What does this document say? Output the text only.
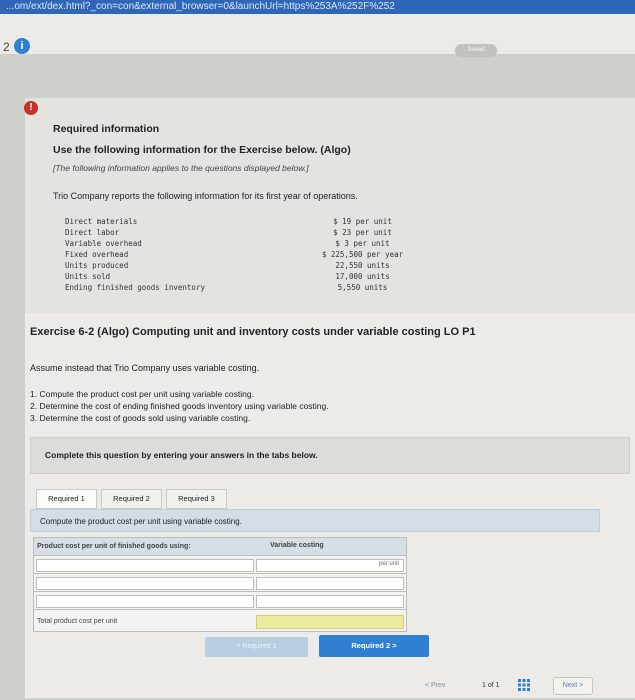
...om/ext/dex.html?_con=con&external_browser=0&launchUrl=https%253A%252F%252
2 i	Saved
!
Required information
Use the following information for the Exercise below. (Algo)
[The following information applies to the questions displayed below.]
Trio Company reports the following information for its first year of operations.
Direct materials	$ 19 per unit
Direct labor	$ 23 per unit
Variable overhead	$ 3 per unit
Fixed overhead	$ 225,500 per year
Units produced	22,550 units
Units sold	17,000 units
Ending finished goods inventory	5,550 units
Exercise 6-2 (Algo) Computing unit and inventory costs under variable costing LO P1
Assume instead that Trio Company uses variable costing.
1. Compute the product cost per unit using variable costing.
2. Determine the cost of ending finished goods inventory using variable costing.
3. Determine the cost of goods sold using variable costing.
Complete this question by entering your answers in the tabs below.
Required 1	Required 2	Required 3
Compute the product cost per unit using variable costing.
Product cost per unit of finished goods using:	Variable costing
per unit
Total product cost per unit
< Required 1	Required 2 >
< Prev	1 of 1	Next >
